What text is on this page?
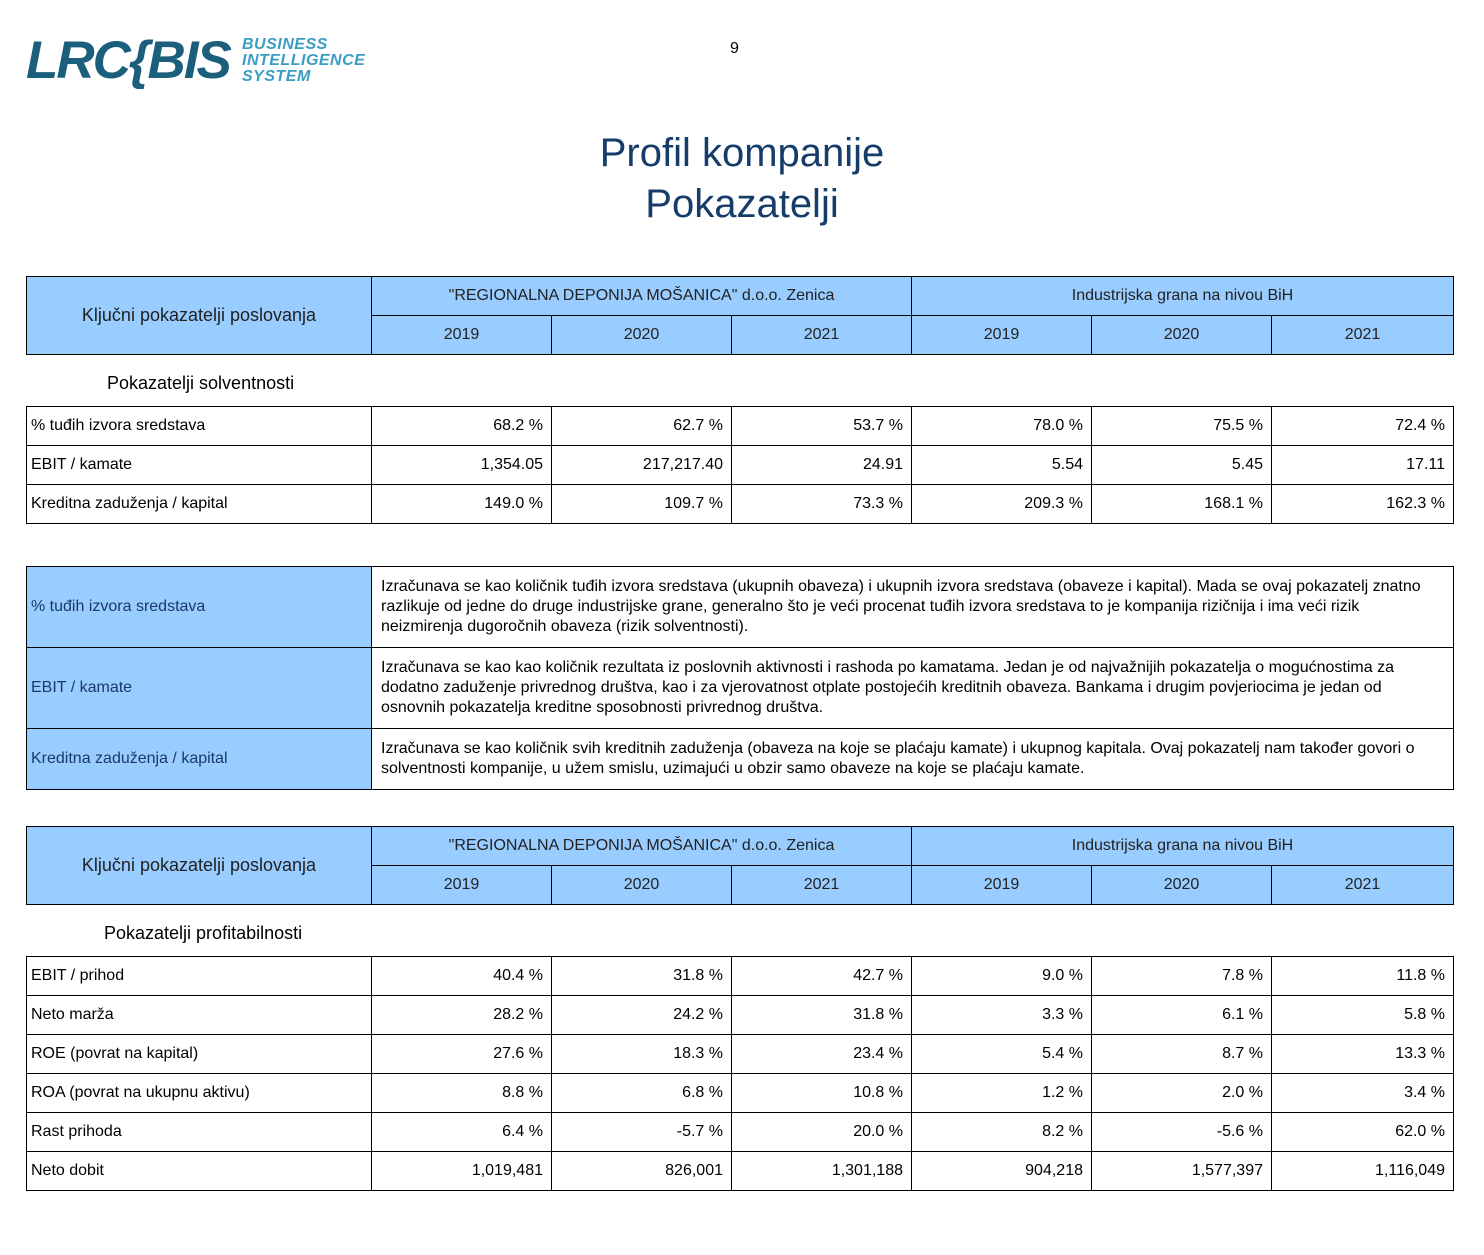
LRC{BIS BUSINESS
INTELLIGENCE
SYSTEM
9
Profil kompanije
Pokazatelji
Ključni pokazatelji poslovanja	"REGIONALNA DEPONIJA MOŠANICA" d.o.o. Zenica			Industrijska grana na nivou BiH		
	2019	2020	2021	2019	2020	2021
Pokazatelji solventnosti
% tuđih izvora sredstava	68.2 %	62.7 %	53.7 %	78.0 %	75.5 %	72.4 %
EBIT / kamate	1,354.05	217,217.40	24.91	5.54	5.45	17.11
Kreditna zaduženja / kapital	149.0 %	109.7 %	73.3 %	209.3 %	168.1 %	162.3 %
% tuđih izvora sredstava	Izračunava se kao količnik tuđih izvora sredstava (ukupnih obaveza) i ukupnih izvora sredstava (obaveze i kapital). Mada se ovaj pokazatelj znatno razlikuje od jedne do druge industrijske grane, generalno što je veći procenat tuđih izvora sredstava to je kompanija rizičnija i ima veći rizik neizmirenja dugoročnih obaveza (rizik solventnosti).
EBIT / kamate	Izračunava se kao kao količnik rezultata iz poslovnih aktivnosti i rashoda po kamatama. Jedan je od najvažnijih pokazatelja o mogućnostima za dodatno zaduženje privrednog društva, kao i za vjerovatnost otplate postojećih kreditnih obaveza. Bankama i drugim povjeriocima je jedan od osnovnih pokazatelja kreditne sposobnosti privrednog društva.
Kreditna zaduženja / kapital	Izračunava se kao količnik svih kreditnih zaduženja (obaveza na koje se plaćaju kamate) i ukupnog kapitala. Ovaj pokazatelj nam također govori o solventnosti kompanije, u užem smislu, uzimajući u obzir samo obaveze na koje se plaćaju kamate.
Ključni pokazatelji poslovanja	"REGIONALNA DEPONIJA MOŠANICA" d.o.o. Zenica			Industrijska grana na nivou BiH		
	2019	2020	2021	2019	2020	2021
Pokazatelji profitabilnosti
EBIT / prihod	40.4 %	31.8 %	42.7 %	9.0 %	7.8 %	11.8 %
Neto marža	28.2 %	24.2 %	31.8 %	3.3 %	6.1 %	5.8 %
ROE (povrat na kapital)	27.6 %	18.3 %	23.4 %	5.4 %	8.7 %	13.3 %
ROA (povrat na ukupnu aktivu)	8.8 %	6.8 %	10.8 %	1.2 %	2.0 %	3.4 %
Rast prihoda	6.4 %	-5.7 %	20.0 %	8.2 %	-5.6 %	62.0 %
Neto dobit	1,019,481	826,001	1,301,188	904,218	1,577,397	1,116,049
